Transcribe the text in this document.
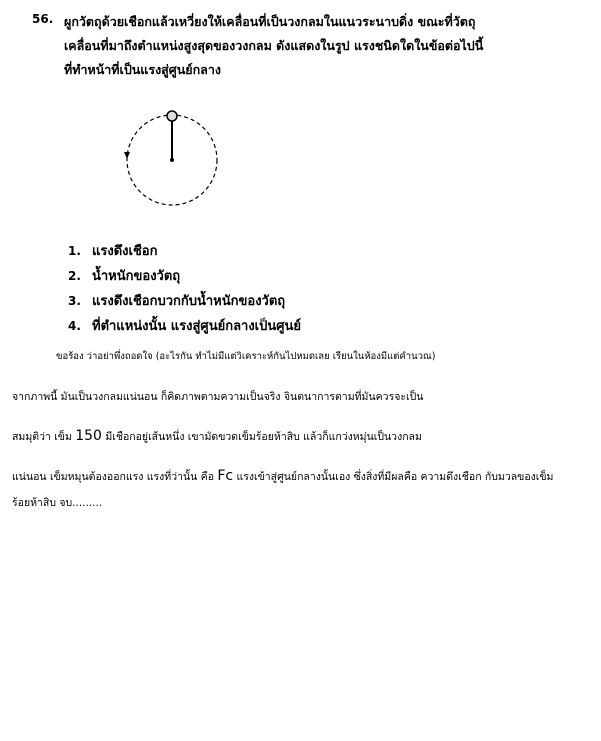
56. ผูกวัตถุด้วยเชือกแล้วเหวี่ยงให้เคลื่อนที่เป็นวงกลมในแนวระนาบดิ่ง ขณะที่วัตถุ
เคลื่อนที่มาถึงตำแหน่งสูงสุดของวงกลม ดังแสดงในรูป แรงชนิดใดในข้อต่อไปนี้
ที่ทำหน้าที่เป็นแรงสู่ศูนย์กลาง
1. แรงดึงเชือก
2. น้ำหนักของวัตถุ
3. แรงดึงเชือกบวกกับน้ำหนักของวัตถุ
4. ที่ตำแหน่งนั้น แรงสู่ศูนย์กลางเป็นศูนย์
ขอร้อง ว่าอย่าพึ่งถอดใจ (อะไรกัน ทำไม่มีแต่วิเคราะห์กันไปหมดเลย เรียนในห้องมีแต่คำนวณ)
จากภาพนี้ มันเป็นวงกลมแน่นอน ก็คิดภาพตามความเป็นจริง จินตนาการตามที่มันควรจะเป็น
สมมุติว่า เข็ม 150 มีเชือกอยู่เส้นหนึ่ง เขามัดขวดเข็มร้อยห้าสิบ แล้วก็แกว่งหมุ่นเป็นวงกลม
แน่นอน เข็มหมุนต้องออกแรง แรงที่ว่านั้น คือ Fc แรงเข้าสู่ศูนย์กลางนั้นเอง ซึ่งสิ่งที่มีผลคือ ความดึงเชือก กับมวลของเข็ม
ร้อยห้าสิบ จบ.........
